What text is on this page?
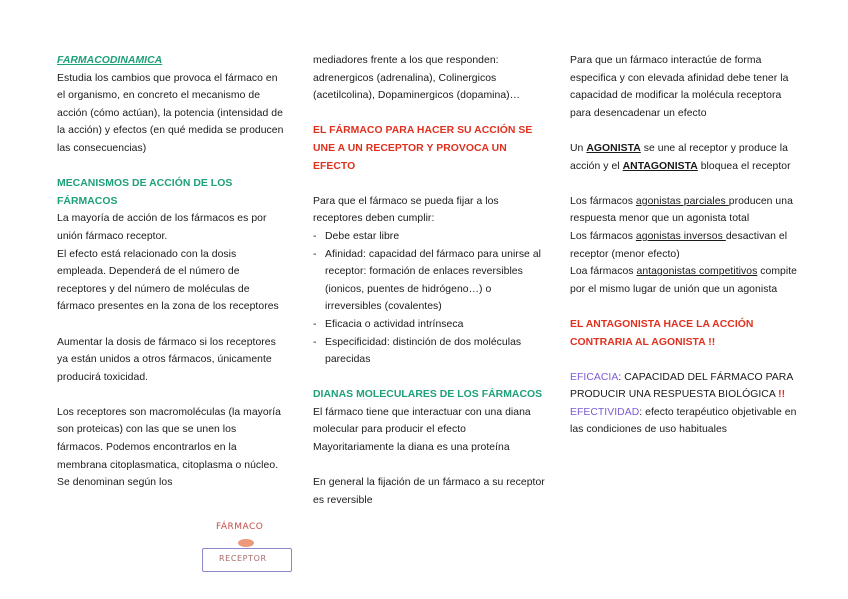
FARMACODINAMICA

Estudia los cambios que provoca el fármaco en el organismo, en concreto el mecanismo de acción (cómo actúan), la potencia (intensidad de la acción) y efectos (en qué medida se producen las consecuencias)

MECANISMOS DE ACCIÓN DE LOS FÁRMACOS

La mayoría de acción de los fármacos es por unión fármaco receptor.

El efecto está relacionado con la dosis empleada. Dependerá de el número de receptores y del número de moléculas de fármaco presentes en la zona de los receptores

Aumentar la dosis de fármaco si los receptores ya están unidos a otros fármacos, únicamente producirá toxicidad.

Los receptores son macromoléculas (la mayoría son proteicas) con las que se unen los fármacos. Podemos encontrarlos en la membrana citoplasmatica, citoplasma o núcleo.

Se denominan según los

FÁRMACO
RECEPTOR

mediadores frente a los que responden: adrenergicos (adrenalina), Colinergicos (acetilcolina), Dopaminergicos (dopamina)…

EL FÁRMACO PARA HACER SU ACCIÓN SE UNE A UN RECEPTOR Y PROVOCA UN EFECTO

Para que el fármaco se pueda fijar a los receptores deben cumplir:

- Debe estar libre
- Afinidad: capacidad del fármaco para unirse al receptor: formación de enlaces reversibles (ionicos, puentes de hidrógeno…) o irreversibles (covalentes)
- Eficacia o actividad intrínseca
- Especificidad: distinción de dos moléculas parecidas

DIANAS MOLECULARES DE LOS FÁRMACOS

El fármaco tiene que interactuar con una diana molecular para producir el efecto Mayoritariamente la diana es una proteína

En general la fijación de un fármaco a su receptor es reversible

Para que un fármaco interactúe de forma especifica y con elevada afinidad debe tener la capacidad de modificar la molécula receptora para desencadenar un efecto

Un AGONISTA se une al receptor y produce la acción y el ANTAGONISTA bloquea el receptor

Los fármacos agonistas parciales producen una respuesta menor que un agonista total

Los fármacos agonistas inversos desactivan el receptor (menor efecto)

Loa fármacos antagonistas competitivos compite por el mismo lugar de unión que un agonista

EL ANTAGONISTA HACE LA ACCIÓN CONTRARIA AL AGONISTA !!

EFICACIA: CAPACIDAD DEL FÁRMACO PARA PRODUCIR UNA RESPUESTA BIOLÓGICA !!

EFECTIVIDAD: efecto terapéutico objetivable en las condiciones de uso habituales
